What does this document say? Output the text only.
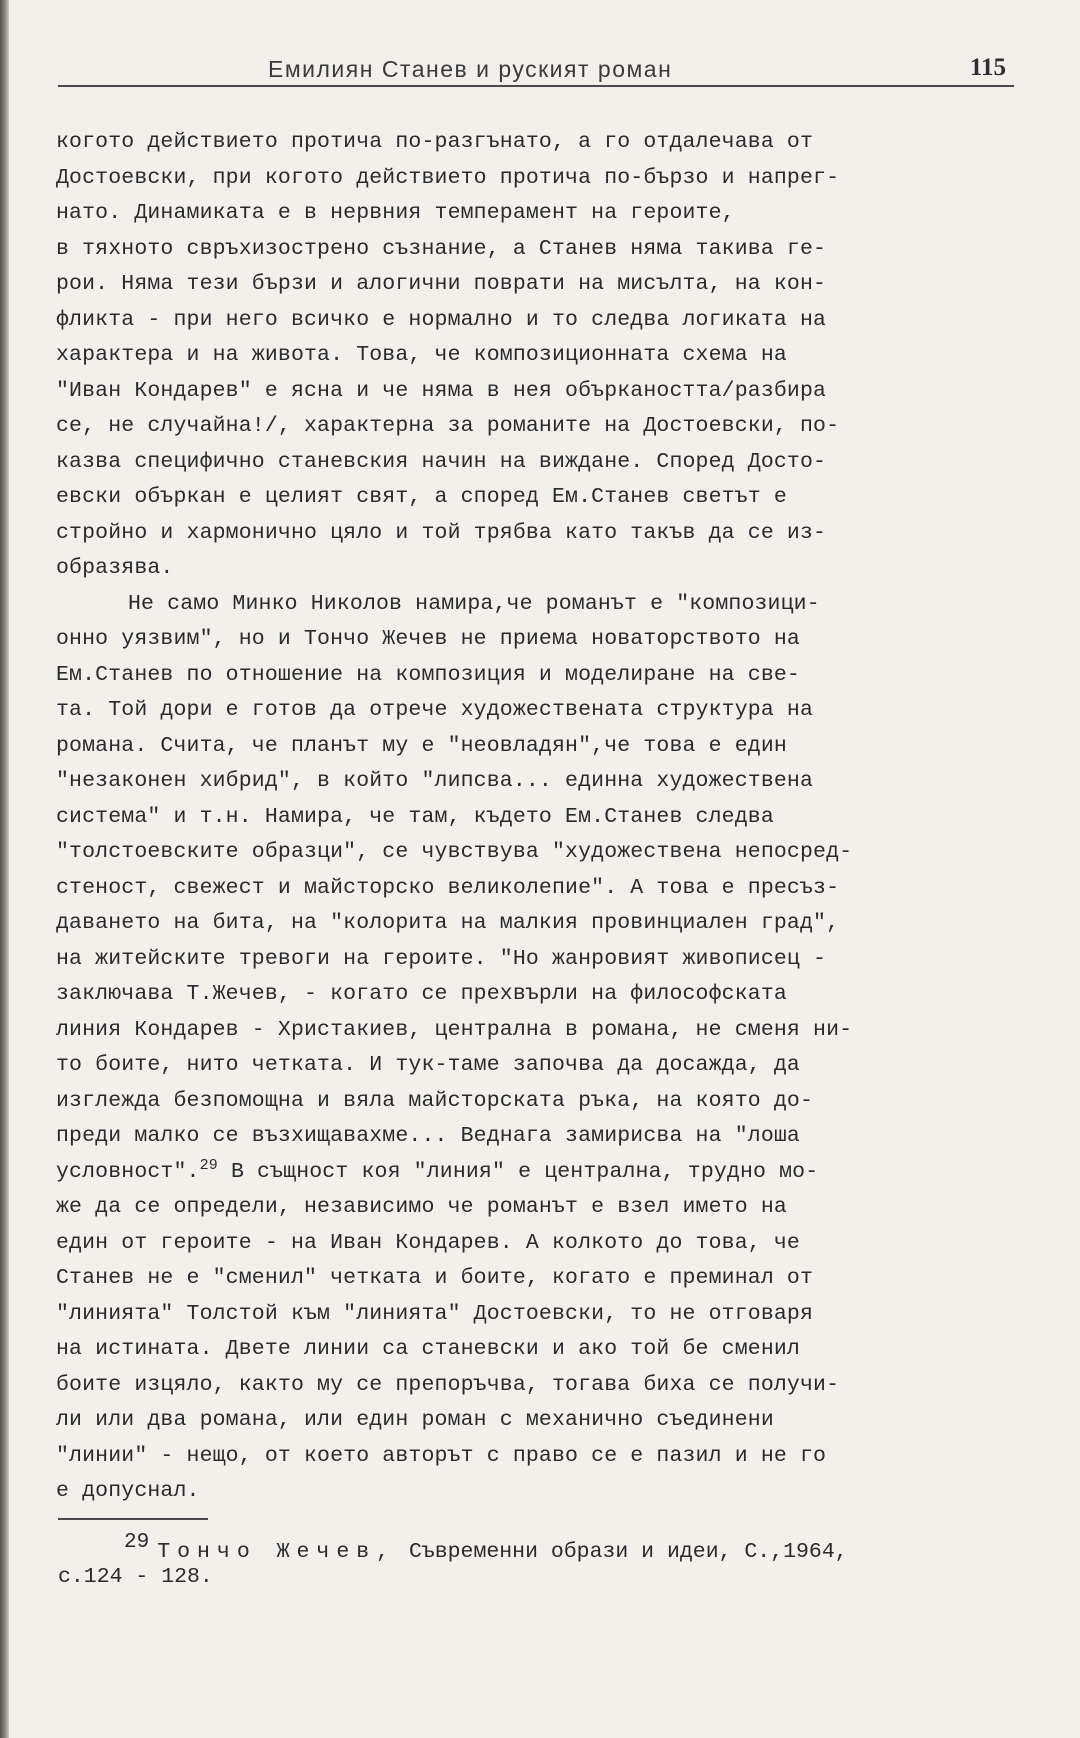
Емилиян Станев и руският роман	115
когото действието протича по-разгънато, а го отдалечава от
Достоевски, при когото действието протича по-бързо и напрег-
нато. Динамиката е в нервния темперамент на героите,
в тяхното свръхизострено съзнание, а Станев няма такива ге-
рои. Няма тези бързи и алогични поврати на мисълта, на кон-
фликта - при него всичко е нормално и то следва логиката на
характера и на живота. Това, че композиционната схема на
"Иван Кондарев" е ясна и че няма в нея объркаността/разбира
се, не случайна!/, характерна за романите на Достоевски, по-
казва специфично станевския начин на виждане. Според Досто-
евски объркан е целият свят, а според Ем.Станев светът е
стройно и хармонично цяло и той трябва като такъв да се из-
образява.
Не само Минко Николов намира,че романът е "композици-
онно уязвим", но и Тончо Жечев не приема новаторството на
Ем.Станев по отношение на композиция и моделиране на све-
та. Той дори е готов да отрече художествената структура на
романа. Счита, че планът му е "неовладян",че това е един
"незаконен хибрид", в който "липсва... единна художествена
система" и т.н. Намира, че там, където Ем.Станев следва
"толстоевските образци", се чувствува "художествена непосред-
стеност, свежест и майсторско великолепие". А това е пресъз-
даването на бита, на "колорита на малкия провинциален град",
на житейските тревоги на героите. "Но жанровият живописец -
заключава Т.Жечев, - когато се прехвърли на философската
линия Кондарев - Христакиев, централна в романа, не сменя ни-
то боите, нито четката. И тук-таме започва да досажда, да
изглежда безпомощна и вяла майсторската ръка, на която до-
преди малко се възхищавахме... Веднага замирисва на "лоша
условност".$^{29}$ В същност коя "линия" е централна, трудно мо-
же да се определи, независимо че романът е взел името на
един от героите - на Иван Кондарев. А колкото до това, че
Станев не е "сменил" четката и боите, когато е преминал от
"линията" Толстой към "линията" Достоевски, то не отговаря
на истината. Двете линии са станевски и ако той бе сменил
боите изцяло, както му се препоръчва, тогава биха се получи-
ли или два романа, или един роман с механично съединени
"линии" - нещо, от което авторът с право се е пазил и не го
е допуснал.
29 Тончо Жечев, Съвременни образи и идеи, С.,1964,
с.124 - 128.
